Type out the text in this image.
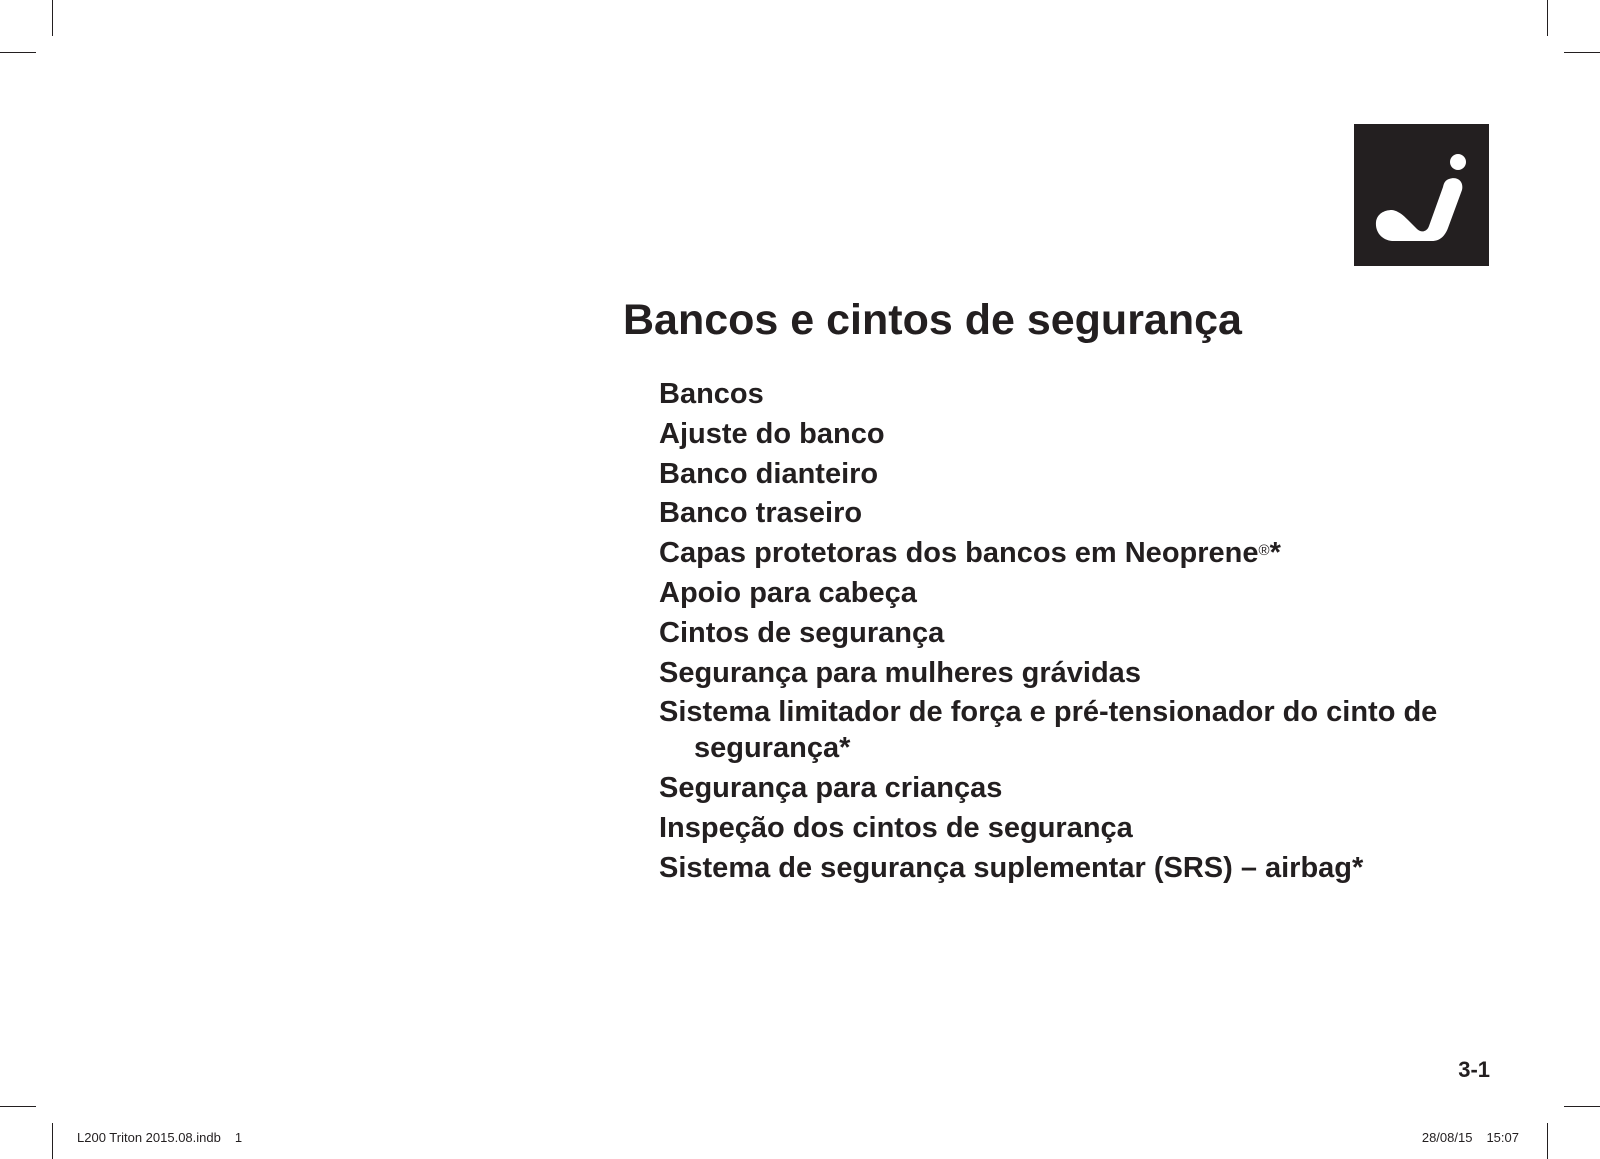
Bancos e cintos de segurança
Bancos
Ajuste do banco
Banco dianteiro
Banco traseiro
Capas protetoras dos bancos em Neoprene®*
Apoio para cabeça
Cintos de segurança
Segurança para mulheres grávidas
Sistema limitador de força e pré-tensionador do cinto de segurança*
Segurança para crianças
Inspeção dos cintos de segurança
Sistema de segurança suplementar (SRS) – airbag*
3-1
L200 Triton 2015.08.indb 1	28/08/15 15:07
